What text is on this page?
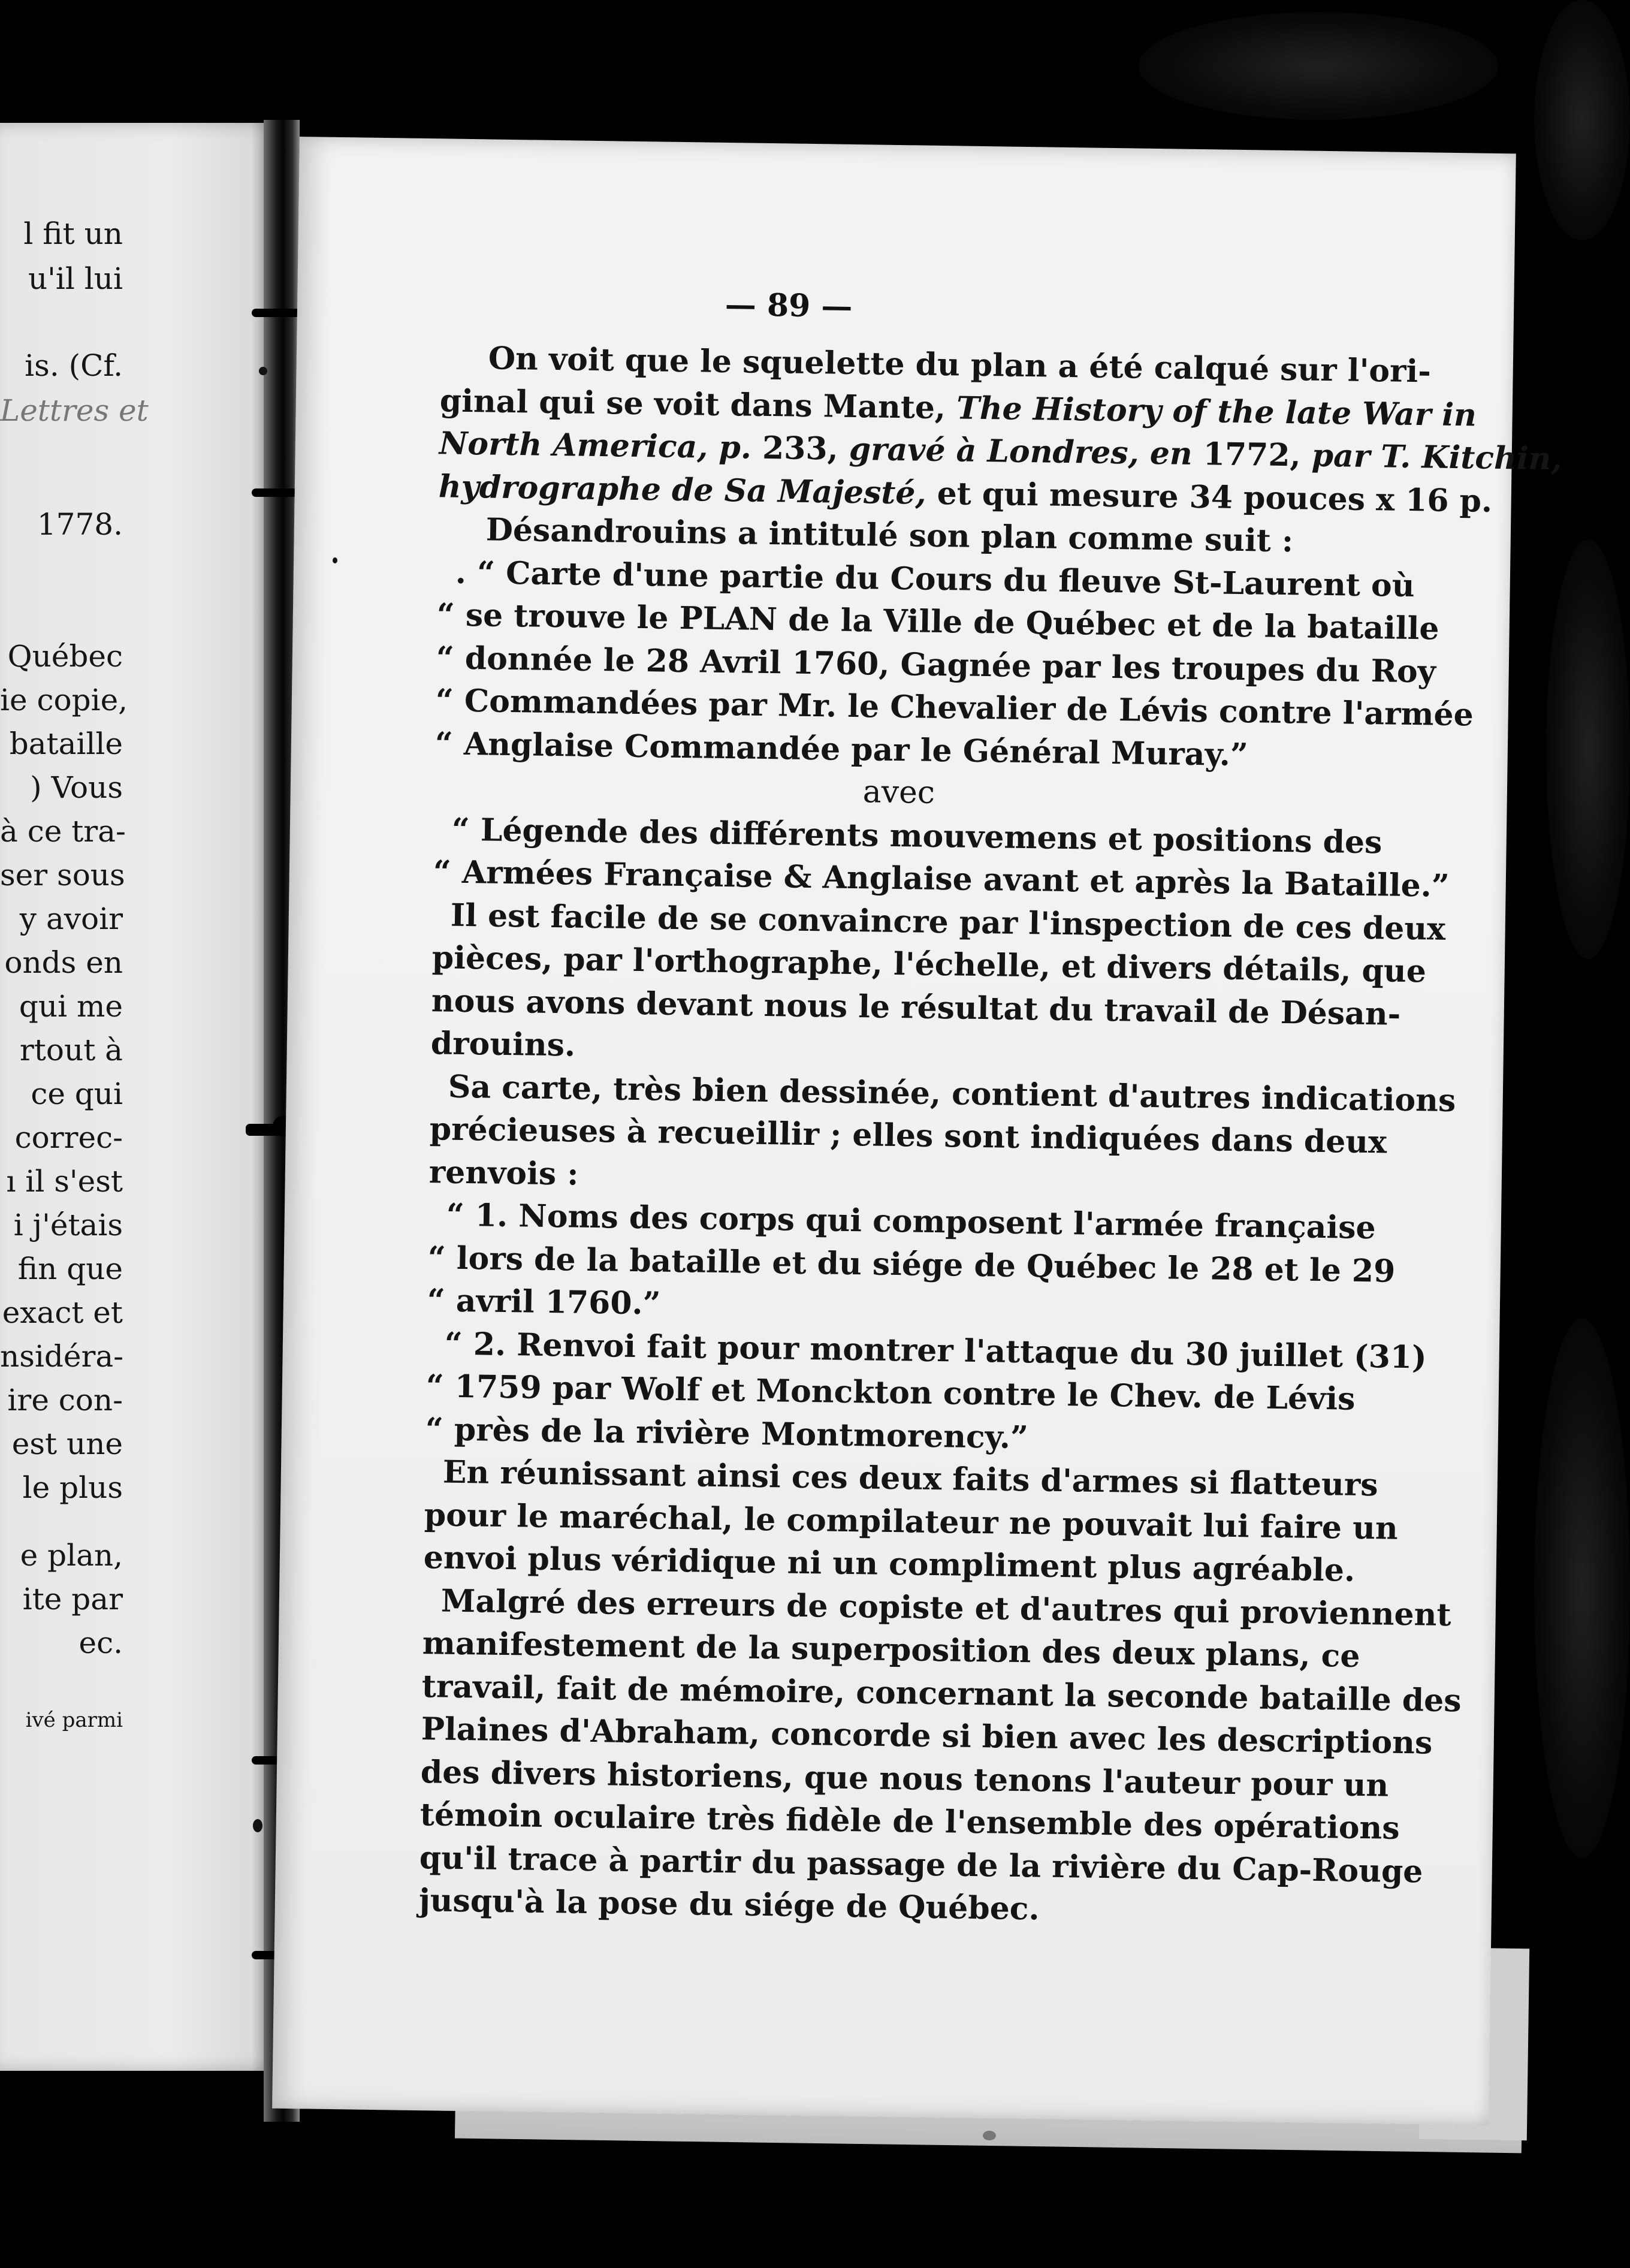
l fit un
u'il lui
is. (Cf.
Lettres et
1778.
Québec
ie copie,
bataille
) Vous
à ce tra-
ser sous
y avoir
onds en
qui me
rtout à
ce qui
correc-
ı il s'est
i j'étais
fin que
exact et
nsidéra-
ire con-
est une
le plus
e plan,
ite par
ec.
ivé parmi
— 89 —
On voit que le squelette du plan a été calqué sur l'ori-
ginal qui se voit dans Mante, The History of the late War in
North America, p. 233, gravé à Londres, en 1772, par T. Kitchin,
hydrographe de Sa Majesté, et qui mesure 34 pouces x 16 p.
Désandrouins a intitulé son plan comme suit :
. “ Carte d'une partie du Cours du fleuve St-Laurent où
“ se trouve le PLAN de la Ville de Québec et de la bataille
“ donnée le 28 Avril 1760, Gagnée par les troupes du Roy
“ Commandées par Mr. le Chevalier de Lévis contre l'armée
“ Anglaise Commandée par le Général Muray.”
avec
“ Légende des différents mouvemens et positions des
“ Armées Française & Anglaise avant et après la Bataille.”
Il est facile de se convaincre par l'inspection de ces deux
pièces, par l'orthographe, l'échelle, et divers détails, que
nous avons devant nous le résultat du travail de Désan-
drouins.
Sa carte, très bien dessinée, contient d'autres indications
précieuses à recueillir ; elles sont indiquées dans deux
renvois :
“ 1. Noms des corps qui composent l'armée française
“ lors de la bataille et du siége de Québec le 28 et le 29
“ avril 1760.”
“ 2. Renvoi fait pour montrer l'attaque du 30 juillet (31)
“ 1759 par Wolf et Monckton contre le Chev. de Lévis
“ près de la rivière Montmorency.”
En réunissant ainsi ces deux faits d'armes si flatteurs
pour le maréchal, le compilateur ne pouvait lui faire un
envoi plus véridique ni un compliment plus agréable.
Malgré des erreurs de copiste et d'autres qui proviennent
manifestement de la superposition des deux plans, ce
travail, fait de mémoire, concernant la seconde bataille des
Plaines d'Abraham, concorde si bien avec les descriptions
des divers historiens, que nous tenons l'auteur pour un
témoin oculaire très fidèle de l'ensemble des opérations
qu'il trace à partir du passage de la rivière du Cap-Rouge
jusqu'à la pose du siége de Québec.
